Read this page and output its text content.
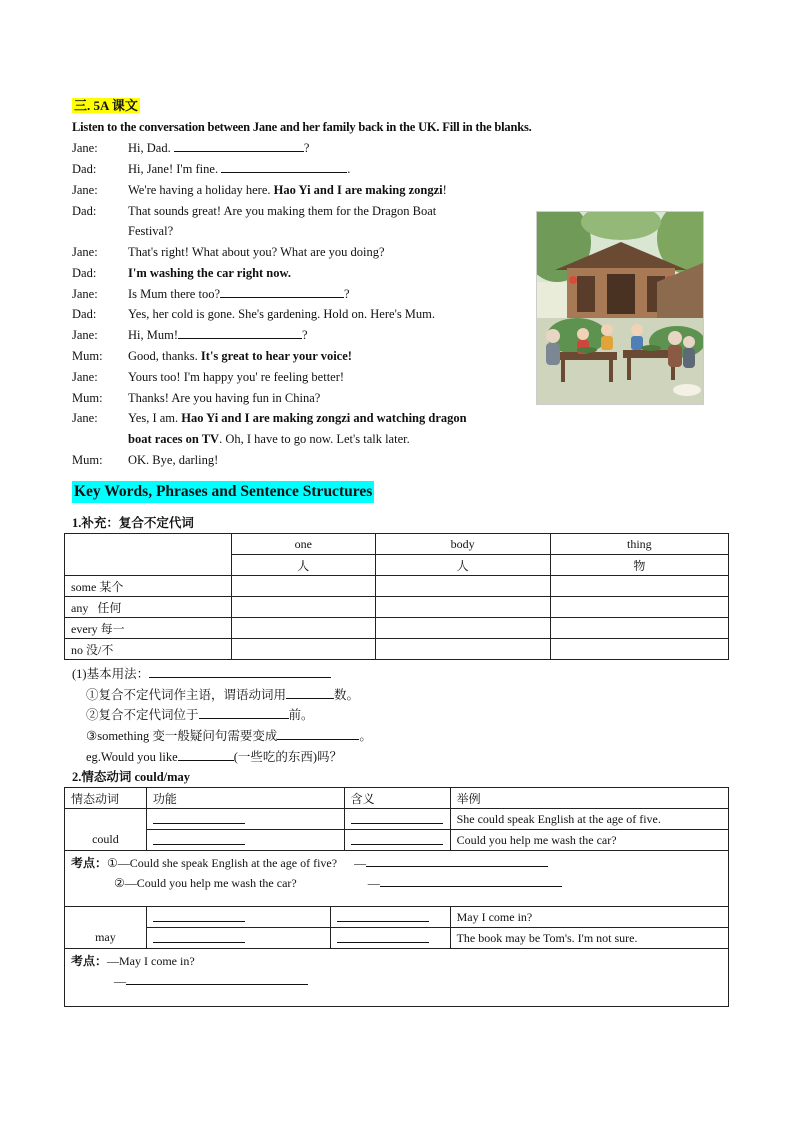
三. 5A 课文
Listen to the conversation between Jane and her family back in the UK. Fill in the blanks.
Jane:	Hi, Dad.	?
Dad:	Hi, Jane! I'm fine.	.
Jane:	We're having a holiday here. Hao Yi and I are making zongzi!
Dad:	That sounds great! Are you making them for the Dragon Boat
Festival?
Jane:	That's right! What about you? What are you doing?
Dad:	I'm washing the car right now.
Jane:	Is Mum there too?	?
Dad:	Yes, her cold is gone. She's gardening. Hold on. Here's Mum.
Jane:	Hi, Mum!	?
Mum:	Good, thanks. It's great to hear your voice!
Jane:	Yours too! I'm happy you' re feeling better!
Mum:	Thanks! Are you having fun in China?
Jane:	Yes, I am. Hao Yi and I are making zongzi and watching dragon
boat races on TV. Oh, I have to go now. Let's talk later.
Mum:	OK. Bye, darling!
Key Words, Phrases and Sentence Structures
1.补充：复合不定代词
	one	body	thing
	人	人	物
some 某个			
any   任何			
every 每一			
no 没/不			
(1)基本用法：
①复合不定代词作主语，谓语动词用	数。
②复合不定代词位于	前。
③something 变一般疑问句需要变成	。
eg.Would you like	(一些吃的东西)吗？
2.情态动词 could/may
情态动词	功能		含义	举例
could				She could speak English at the age of five.
				Could you help me wash the car?

考点：①—Could she speak English at the age of five? —
②—Could you help me wash the car? —				

may				May I come in?
				The book may be Tom's. I'm not sure.

考点：—May I come in?
—				
